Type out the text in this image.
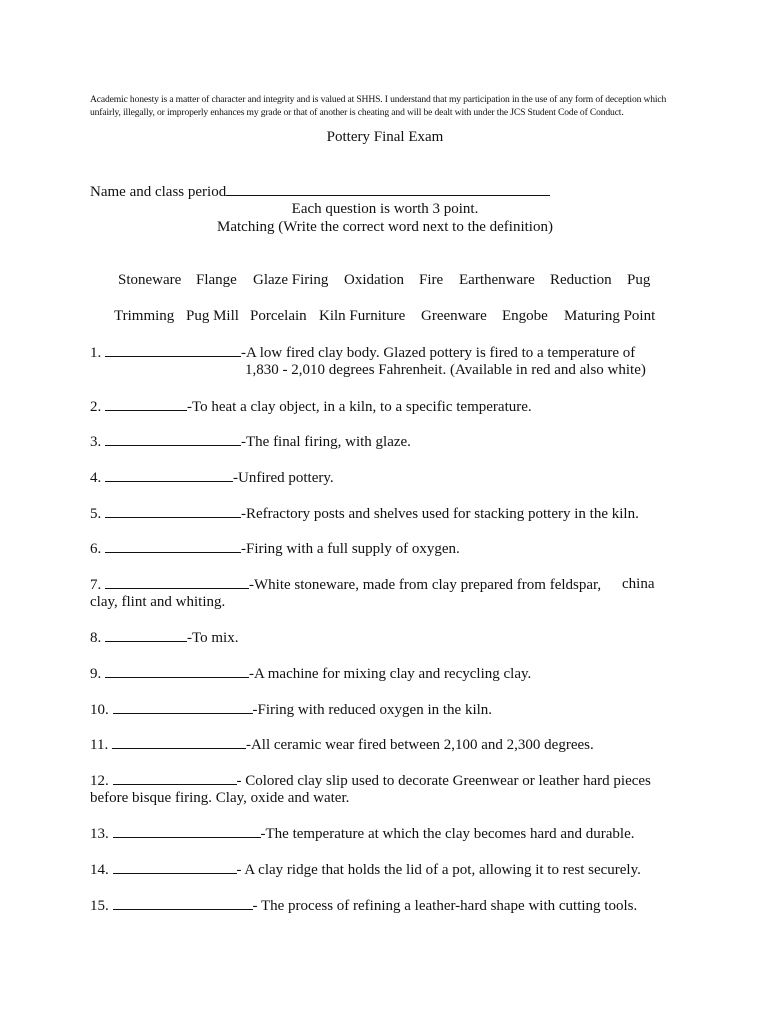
Academic honesty is a matter of character and integrity and is valued at SHHS. I understand that my participation in the use of any form of deception which unfairly, illegally, or improperly enhances my grade or that of another is cheating and will be dealt with under the JCS Student Code of Conduct.
Pottery Final Exam
Name and class period
Each question is worth 3 point.
Matching (Write the correct word next to the definition)
Stoneware Flange Glaze Firing Oxidation Fire Earthenware Reduction Pug
Trimming Pug Mill Porcelain Kiln Furniture Greenware Engobe Maturing Point
1.	-A low fired clay body. Glazed pottery is fired to a temperature of
1,830 - 2,010 degrees Fahrenheit. (Available in red and also white)
2.	-To heat a clay object, in a kiln, to a specific temperature.
3.	-The final firing, with glaze.
4.	-Unfired pottery.
5.	-Refractory posts and shelves used for stacking pottery in the kiln.
6.	-Firing with a full supply of oxygen.
7.	-White stoneware, made from clay prepared from feldspar,	china
clay, flint and whiting.
8.	-To mix.
9.	-A machine for mixing clay and recycling clay.
10.	-Firing with reduced oxygen in the kiln.
11.	-All ceramic wear fired between 2,100 and 2,300 degrees.
12.	- Colored clay slip used to decorate Greenwear or leather hard pieces
before bisque firing. Clay, oxide and water.
13.	-The temperature at which the clay becomes hard and durable.
14.	- A clay ridge that holds the lid of a pot, allowing it to rest securely.
15.	- The process of refining a leather-hard shape with cutting tools.
